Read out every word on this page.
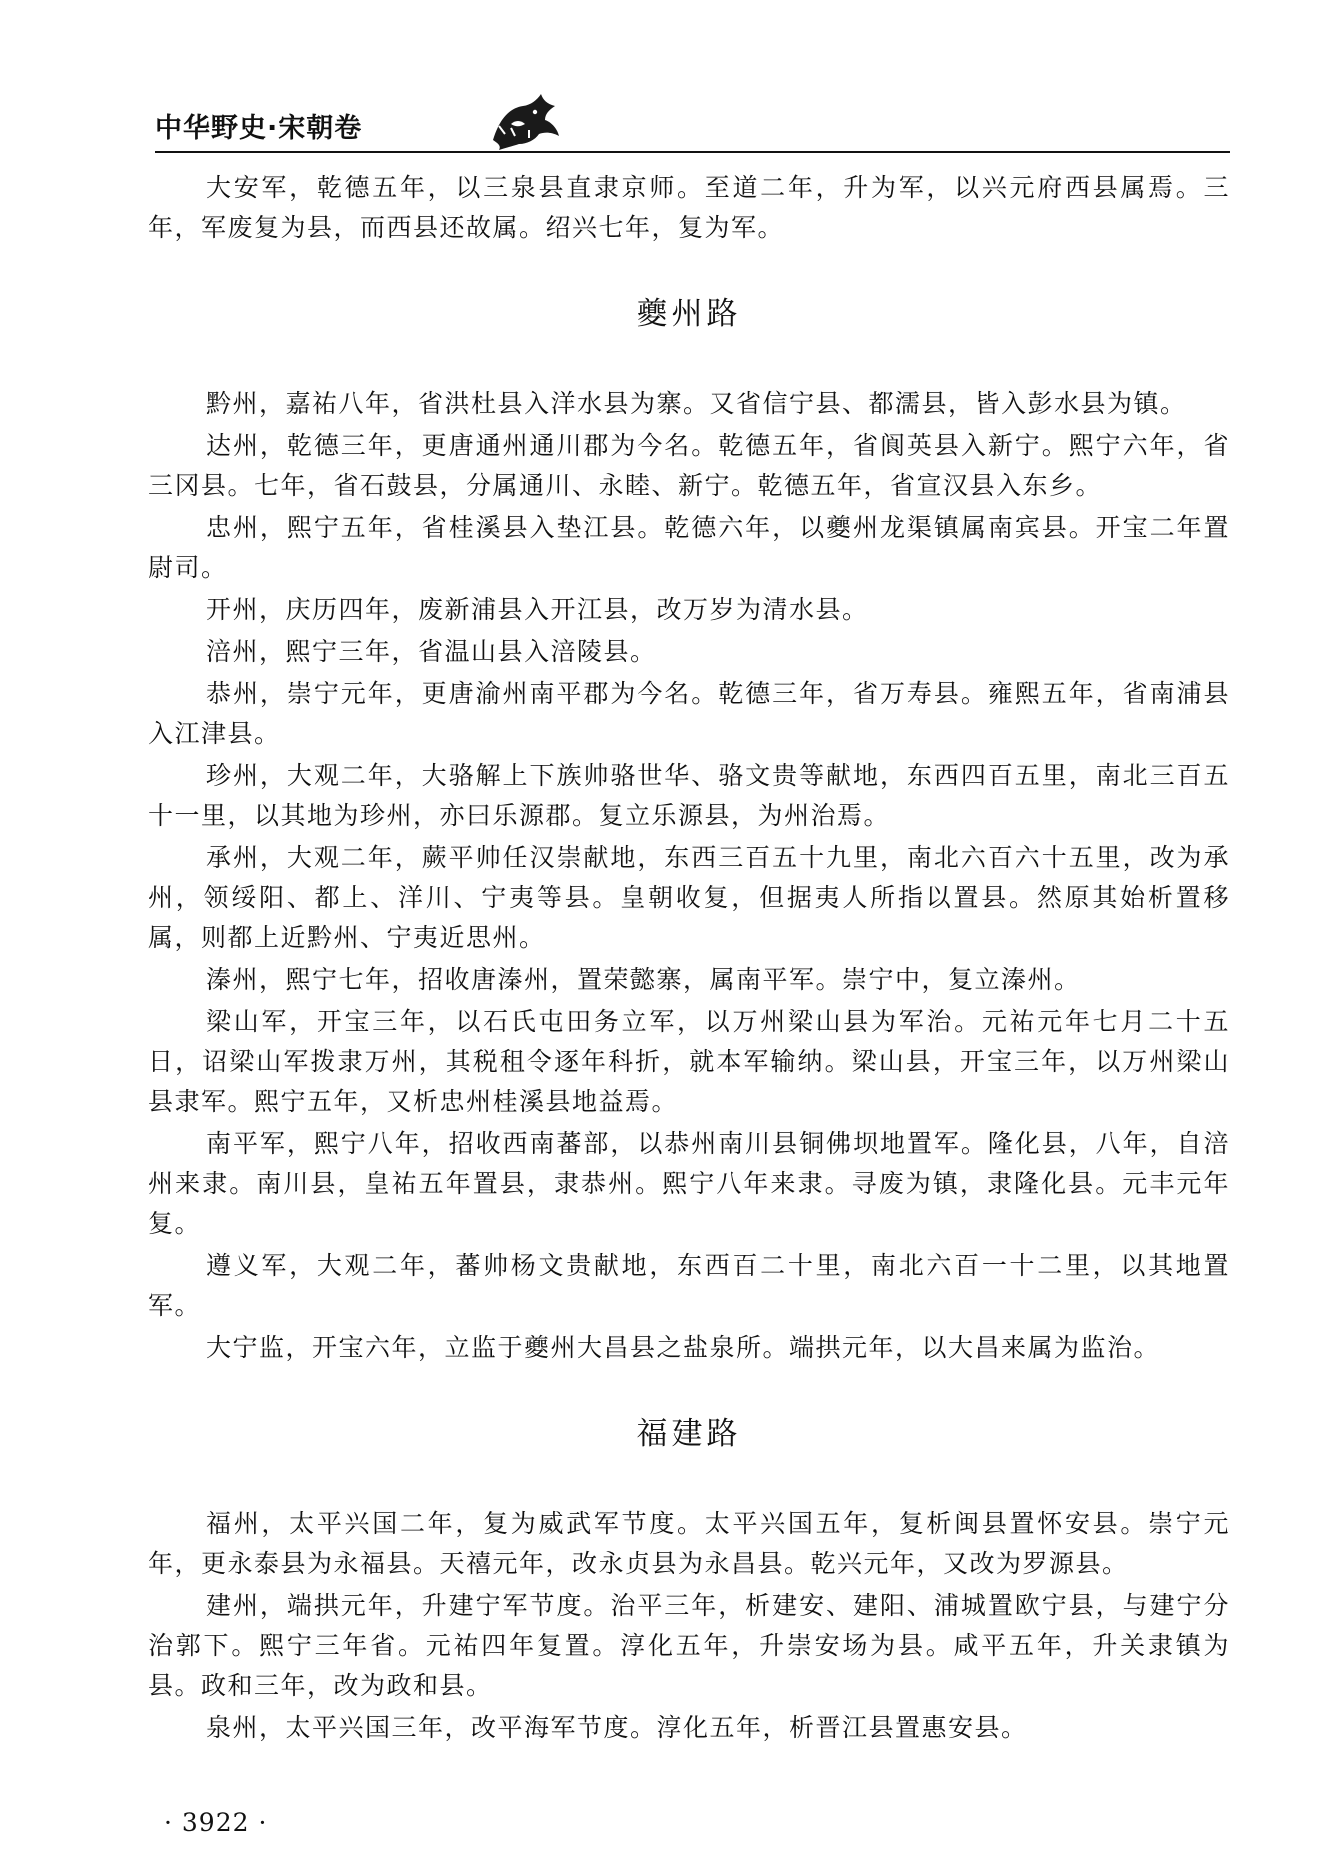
中华野史·宋朝卷

大安军，乾德五年，以三泉县直隶京师。至道二年，升为军，以兴元府西县属焉。三年，军废复为县，而西县还故属。绍兴七年，复为军。

夔州路

黔州，嘉祐八年，省洪杜县入洋水县为寨。又省信宁县、都濡县，皆入彭水县为镇。

达州，乾德三年，更唐通州通川郡为今名。乾德五年，省阆英县入新宁。熙宁六年，省三冈县。七年，省石鼓县，分属通川、永睦、新宁。乾德五年，省宣汉县入东乡。

忠州，熙宁五年，省桂溪县入垫江县。乾德六年，以夔州龙渠镇属南宾县。开宝二年置尉司。

开州，庆历四年，废新浦县入开江县，改万岁为清水县。

涪州，熙宁三年，省温山县入涪陵县。

恭州，崇宁元年，更唐渝州南平郡为今名。乾德三年，省万寿县。雍熙五年，省南浦县入江津县。

珍州，大观二年，大骆解上下族帅骆世华、骆文贵等献地，东西四百五里，南北三百五十一里，以其地为珍州，亦曰乐源郡。复立乐源县，为州治焉。

承州，大观二年，蕨平帅任汉崇献地，东西三百五十九里，南北六百六十五里，改为承州，领绥阳、都上、洋川、宁夷等县。皇朝收复，但据夷人所指以置县。然原其始析置移属，则都上近黔州、宁夷近思州。

溱州，熙宁七年，招收唐溱州，置荣懿寨，属南平军。崇宁中，复立溱州。

梁山军，开宝三年，以石氏屯田务立军，以万州梁山县为军治。元祐元年七月二十五日，诏梁山军拨隶万州，其税租令逐年科折，就本军输纳。梁山县，开宝三年，以万州梁山县隶军。熙宁五年，又析忠州桂溪县地益焉。

南平军，熙宁八年，招收西南蕃部，以恭州南川县铜佛坝地置军。隆化县，八年，自涪州来隶。南川县，皇祐五年置县，隶恭州。熙宁八年来隶。寻废为镇，隶隆化县。元丰元年复。

遵义军，大观二年，蕃帅杨文贵献地，东西百二十里，南北六百一十二里，以其地置军。

大宁监，开宝六年，立监于夔州大昌县之盐泉所。端拱元年，以大昌来属为监治。

福建路

福州，太平兴国二年，复为威武军节度。太平兴国五年，复析闽县置怀安县。崇宁元年，更永泰县为永福县。天禧元年，改永贞县为永昌县。乾兴元年，又改为罗源县。

建州，端拱元年，升建宁军节度。治平三年，析建安、建阳、浦城置欧宁县，与建宁分治郭下。熙宁三年省。元祐四年复置。淳化五年，升崇安场为县。咸平五年，升关隶镇为县。政和三年，改为政和县。

泉州，太平兴国三年，改平海军节度。淳化五年，析晋江县置惠安县。

· 3922 ·
